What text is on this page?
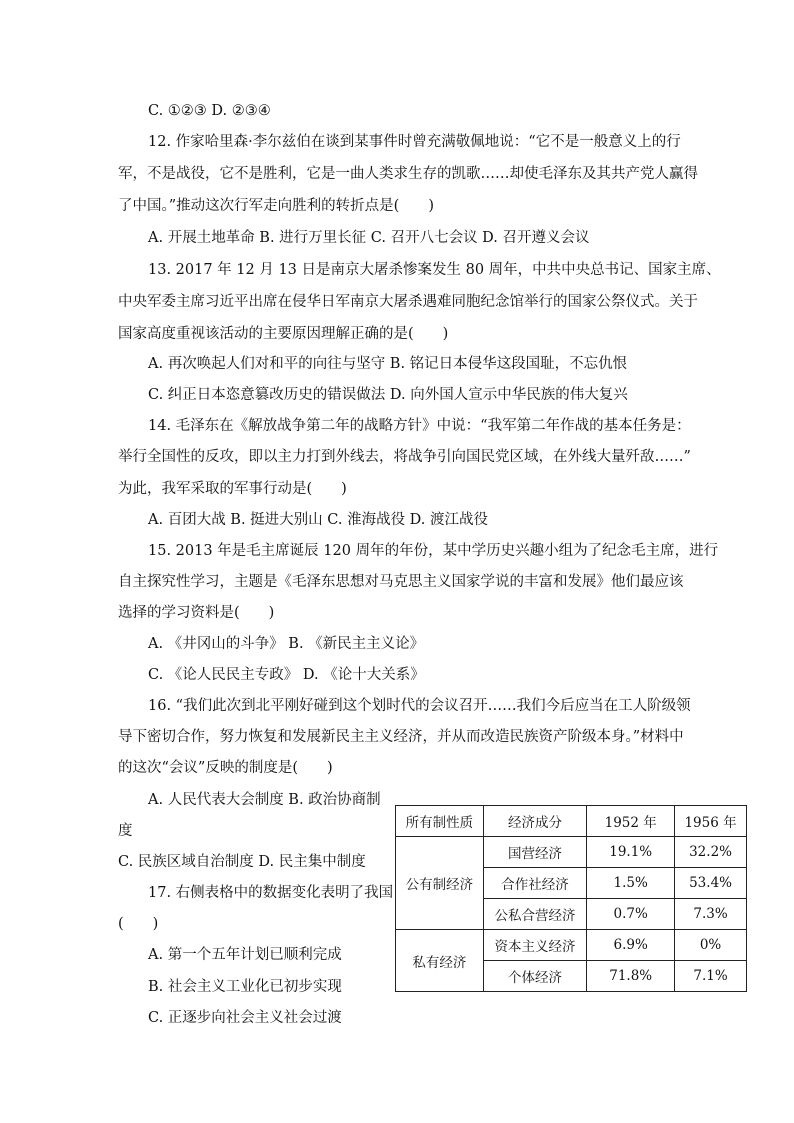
C. ①②③ D. ②③④
12. 作家哈里森·李尔兹伯在谈到某事件时曾充满敬佩地说：“它不是一般意义上的行
军，不是战役，它不是胜利，它是一曲人类求生存的凯歌……却使毛泽东及其共产党人赢得
了中国。”推动这次行军走向胜利的转折点是(　　)
A. 开展土地革命 B. 进行万里长征 C. 召开八七会议 D. 召开遵义会议
13. 2017 年 12 月 13 日是南京大屠杀惨案发生 80 周年，中共中央总书记、国家主席、
中央军委主席习近平出席在侵华日军南京大屠杀遇难同胞纪念馆举行的国家公祭仪式。关于
国家高度重视该活动的主要原因理解正确的是(　　)
A. 再次唤起人们对和平的向往与坚守 B. 铭记日本侵华这段国耻，不忘仇恨
C. 纠正日本恣意篡改历史的错误做法 D. 向外国人宣示中华民族的伟大复兴
14. 毛泽东在《解放战争第二年的战略方针》中说：“我军第二年作战的基本任务是：
举行全国性的反攻，即以主力打到外线去，将战争引向国民党区域，在外线大量歼敌……”
为此，我军采取的军事行动是(　　)
A. 百团大战 B. 挺进大别山 C. 淮海战役 D. 渡江战役
15. 2013 年是毛主席诞辰 120 周年的年份，某中学历史兴趣小组为了纪念毛主席，进行
自主探究性学习，主题是《毛泽东思想对马克思主义国家学说的丰富和发展》他们最应该
选择的学习资料是(　　)
A. 《井冈山的斗争》 B. 《新民主主义论》
C. 《论人民民主专政》 D. 《论十大关系》
16. “我们此次到北平刚好碰到这个划时代的会议召开……我们今后应当在工人阶级领
导下密切合作，努力恢复和发展新民主主义经济，并从而改造民族资产阶级本身。”材料中
的这次“会议”反映的制度是(　　)
A. 人民代表大会制度 B. 政治协商制
度
C. 民族区域自治制度 D. 民主集中制度
17. 右侧表格中的数据变化表明了我国
(　　)
A. 第一个五年计划已顺利完成
B. 社会主义工业化已初步实现
C. 正逐步向社会主义社会过渡
所有制性质	经济成分	1952 年	1956 年
公有制经济	国营经济	19.1%	32.2%
	合作社经济	1.5%	53.4%
	公私合营经济	0.7%	7.3%
私有经济	资本主义经济	6.9%	0%
	个体经济	71.8%	7.1%
